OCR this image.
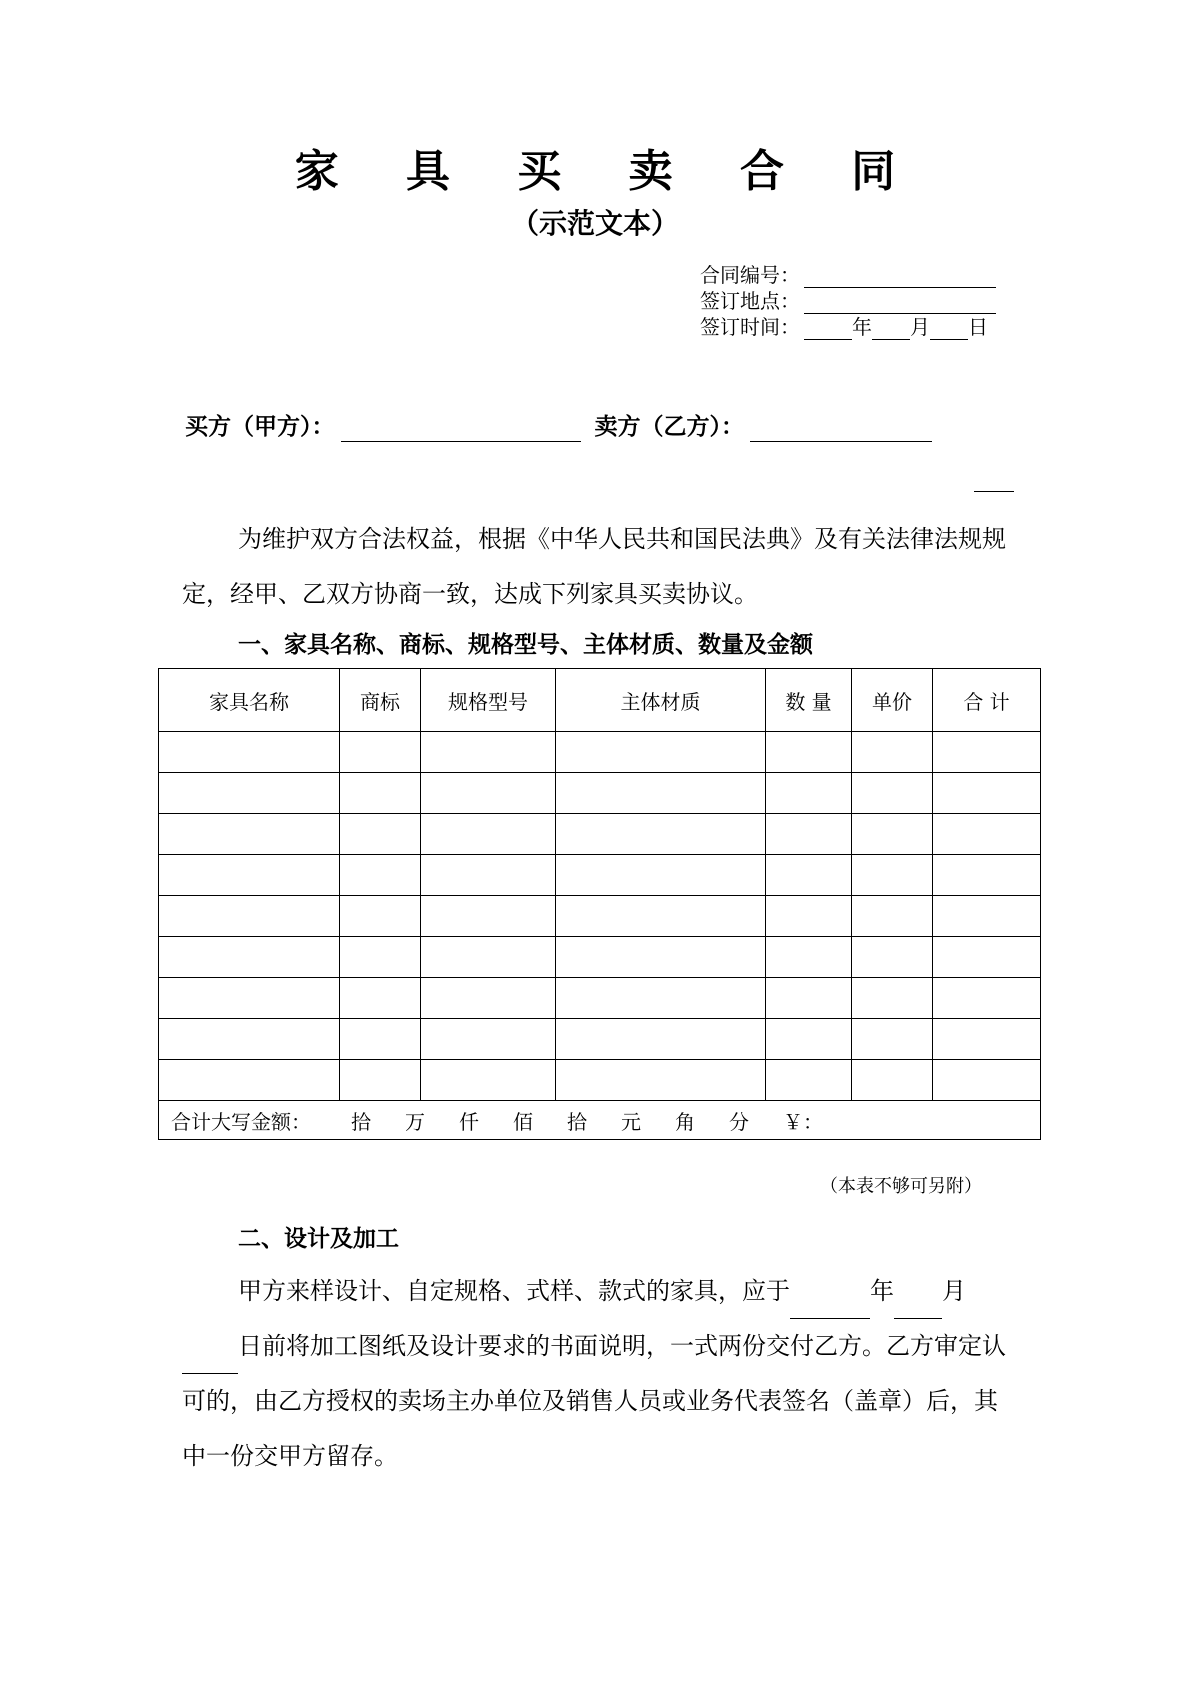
家 具 买 卖 合 同
（示范文本）
合同编号：
签订地点：
签订时间：	年 月 日
买方（甲方）：	卖方（乙方）：

为维护双方合法权益，根据《中华人民共和国民法典》及有关法律法规规定，经甲、乙双方协商一致，达成下列家具买卖协议。

一、家具名称、商标、规格型号、主体材质、数量及金额
家具名称	商标	规格型号	主体材质	数 量	单价	合 计

合计大写金额： 拾 万 仟 佰 拾 元 角 分 ￥：						
（本表不够可另附）
二、设计及加工

甲方来样设计、自定规格、式样、款式的家具，应于	年 月日前将加工图纸及设计要求的书面说明，一式两份交付乙方。乙方审定认可的，由乙方授权的卖场主办单位及销售人员或业务代表签名（盖章）后，其中一份交甲方留存。
